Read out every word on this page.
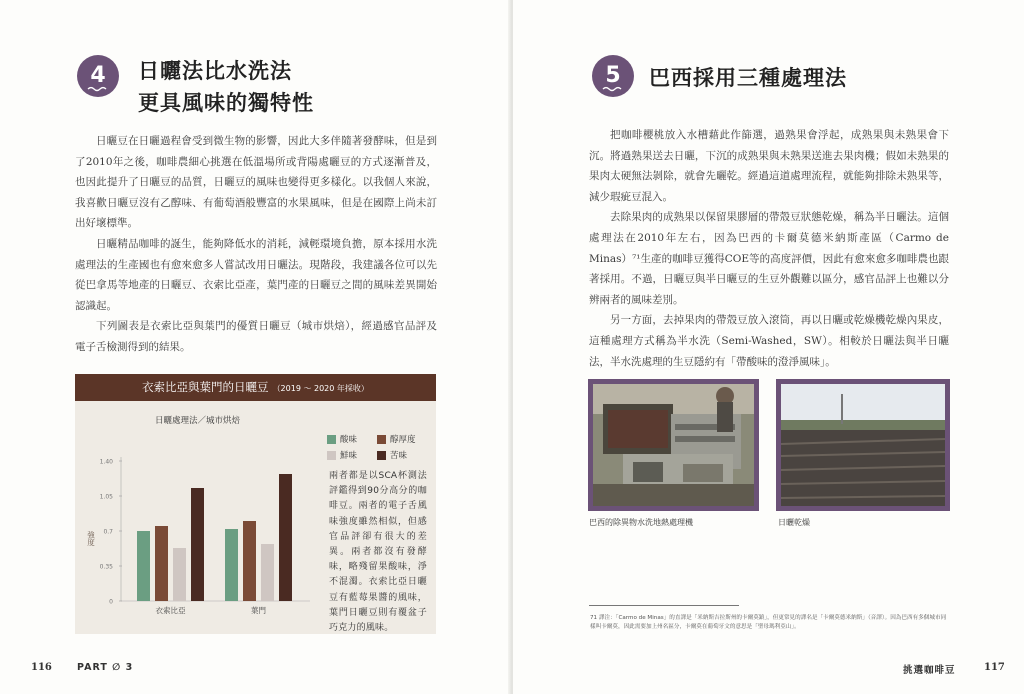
4	日曬法比水洗法
更具風味的獨特性

日曬豆在日曬過程會受到微生物的影響，因此大多伴隨著發酵味，但是到了2010年之後，咖啡農細心挑選在低溫場所或背陽處曬豆的方式逐漸普及，也因此提升了日曬豆的品質，日曬豆的風味也變得更多樣化。以我個人來說，我喜歡日曬豆沒有乙醇味、有葡萄酒般豐富的水果風味，但是在國際上尚未訂出好壞標準。

日曬精品咖啡的誕生，能夠降低水的消耗，減輕環境負擔，原本採用水洗處理法的生產國也有愈來愈多人嘗試改用日曬法。現階段，我建議各位可以先從巴拿馬等地產的日曬豆、衣索比亞產，葉門產的日曬豆之間的風味差異開始認識起。

下列圖表是衣索比亞與葉門的優質日曬豆（城市烘焙），經過感官品評及電子舌檢測得到的結果。

衣索比亞與葉門的日曬豆 （2019 ～ 2020 年採收）
日曬處理法／城市烘焙
0
0.35
0.7
1.05
1.40
強度
衣索比亞	葉門
酸味	醇厚度
鮮味	苦味
兩者都是以SCA杯測法評鑑得到90分高分的咖啡豆。兩者的電子舌風味強度雖然相似，但感官品評卻有很大的差異。兩者都沒有發酵味，略殘留果酸味，淨不混濁。衣索比亞日曬豆有藍莓果醬的風味，葉門日曬豆則有覆盆子巧克力的風味。
116	PART ∅ 3
5	巴西採用三種處理法

把咖啡櫻桃放入水槽藉此作篩選，過熟果會浮起，成熟果與未熟果會下沉。將過熟果送去日曬，下沉的成熟果與未熟果送進去果肉機；假如未熟果的果肉太硬無法剝除，就會先曬乾。經過這道處理流程，就能夠排除未熟果等，減少瑕疵豆混入。

去除果肉的成熟果以保留果膠層的帶殼豆狀態乾燥，稱為半日曬法。這個處理法在2010年左右，因為巴西的卡爾莫德米納斯產區（Carmo de Minas）⁷¹生產的咖啡豆獲得COE等的高度評價，因此有愈來愈多咖啡農也跟著採用。不過，日曬豆與半日曬豆的生豆外觀難以區分，感官品評上也難以分辨兩者的風味差別。

另一方面，去掉果肉的帶殼豆放入滾筒，再以日曬或乾燥機乾燥內果皮，這種處理方式稱為半水洗（Semi-Washed，SW）。相較於日曬法與半日曬法，半水洗處理的生豆隱約有「帶酸味的澄淨風味」。

巴西的除異物水洗地熱處理機	日曬乾燥
挑選咖啡豆	117
71 譯注：「Carmo de Minas」的直譯是「米納斯吉拉斯州的卡爾莫鎮」，但更常見的譯名是「卡爾莫德米納斯」（音譯）。因為巴西有多個城市同樣叫卡爾莫，因此需要加上州名區分，卡爾莫在葡萄牙文的意思是「聖母瑪利亞山」。
